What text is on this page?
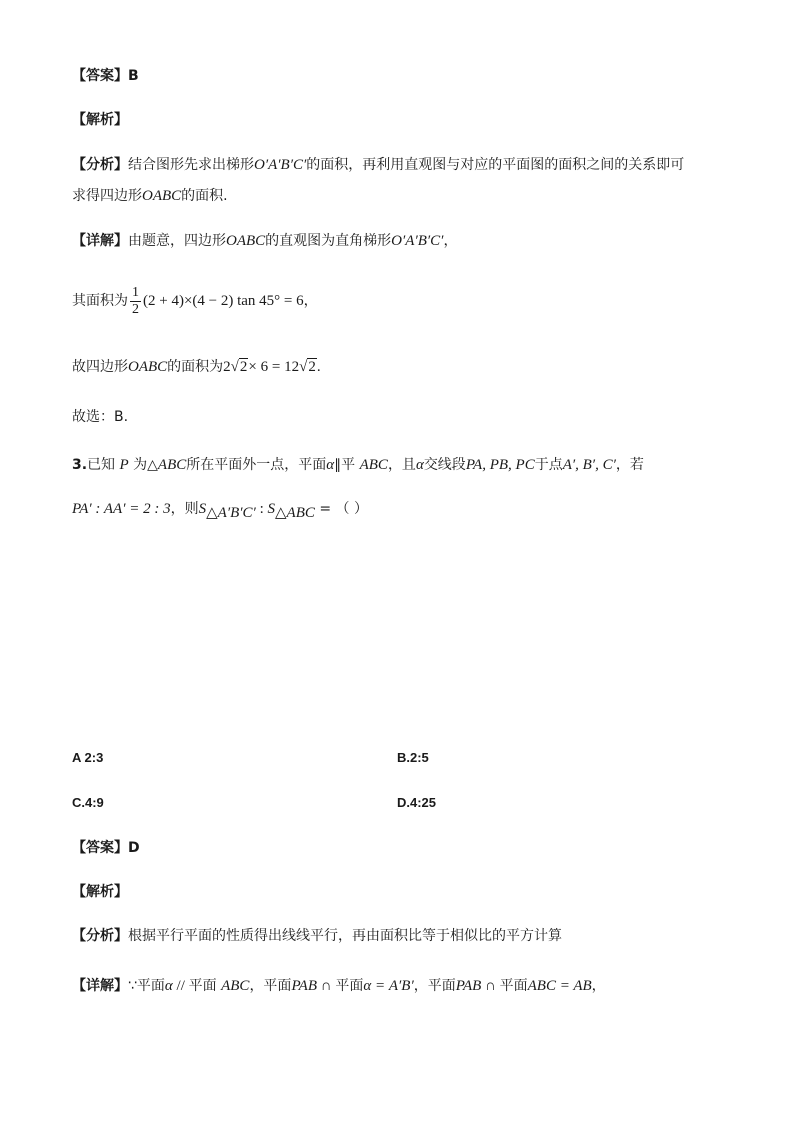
【答案】B
【解析】
【分析】结合图形先求出梯形O′A′B′C′的面积，再利用直观图与对应的平面图的面积之间的关系即可
求得四边形OABC的面积.
【详解】由题意，四边形OABC的直观图为直角梯形O′A′B′C′，
其面积为 $\frac{1}{2} (2 + 4)\times(4 - 2)$ tan 45° = 6，
故四边形OABC的面积为2√2× 6 = 12√2.
故选：B.
3.已知 P 为△ABC所在平面外一点，平面α∥平 ABC，且α交线段PA, PB, PC于点A′, B′, C′，若
PA′ : AA′ = 2 : 3，则$S_{\triangle A'B'C'}$ : $S_{\triangle ABC}$ = （ ）
A 2:3	B.2:5
C.4:9	D.4:25
【答案】D
【解析】
【分析】根据平行平面的性质得出线线平行，再由面积比等于相似比的平方计算
【详解】∵平面α // 平面 ABC，平面PAB ∩ 平面α = A′B′，平面PAB ∩ 平面ABC = AB，
